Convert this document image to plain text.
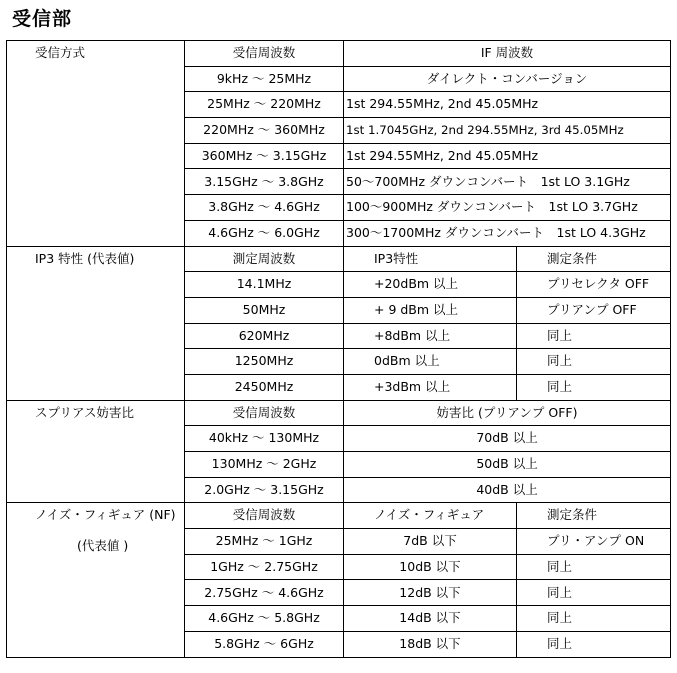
受信部
受信方式	受信周波数	IF 周波数	
	9kHz ～ 25MHz	ダイレクト・コンバージョン	
	25MHz ～ 220MHz	1st 294.55MHz, 2nd 45.05MHz	
	220MHz ～ 360MHz	1st 1.7045GHz, 2nd 294.55MHz, 3rd 45.05MHz	
	360MHz ～ 3.15GHz	1st 294.55MHz, 2nd 45.05MHz	
	3.15GHz ～ 3.8GHz	50～700MHz ダウンコンバート　1st LO 3.1GHz	
	3.8GHz ～ 4.6GHz	100～900MHz ダウンコンバート　1st LO 3.7GHz	
	4.6GHz ～ 6.0GHz	300～1700MHz ダウンコンバート　1st LO 4.3GHz	
IP3 特性 (代表値)	測定周波数	IP3特性	測定条件
	14.1MHz	+20dBm 以上	プリセレクタ OFF
	50MHz	+ 9 dBm 以上	プリアンプ OFF
	620MHz	+8dBm 以上	同上
	1250MHz	0dBm 以上	同上
	2450MHz	+3dBm 以上	同上
スプリアス妨害比	受信周波数	妨害比 (プリアンプ OFF)	
	40kHz ～ 130MHz	70dB 以上	
	130MHz ～ 2GHz	50dB 以上	
	2.0GHz ～ 3.15GHz	40dB 以上	
ノイズ・フィギュア (NF)
(代表値 )	受信周波数	ノイズ・フィギュア	測定条件
	25MHz ～ 1GHz	7dB 以下	プリ・アンプ ON
	1GHz ～ 2.75GHz	10dB 以下	同上
	2.75GHz ～ 4.6GHz	12dB 以下	同上
	4.6GHz ～ 5.8GHz	14dB 以下	同上
	5.8GHz ～ 6GHz	18dB 以下	同上
